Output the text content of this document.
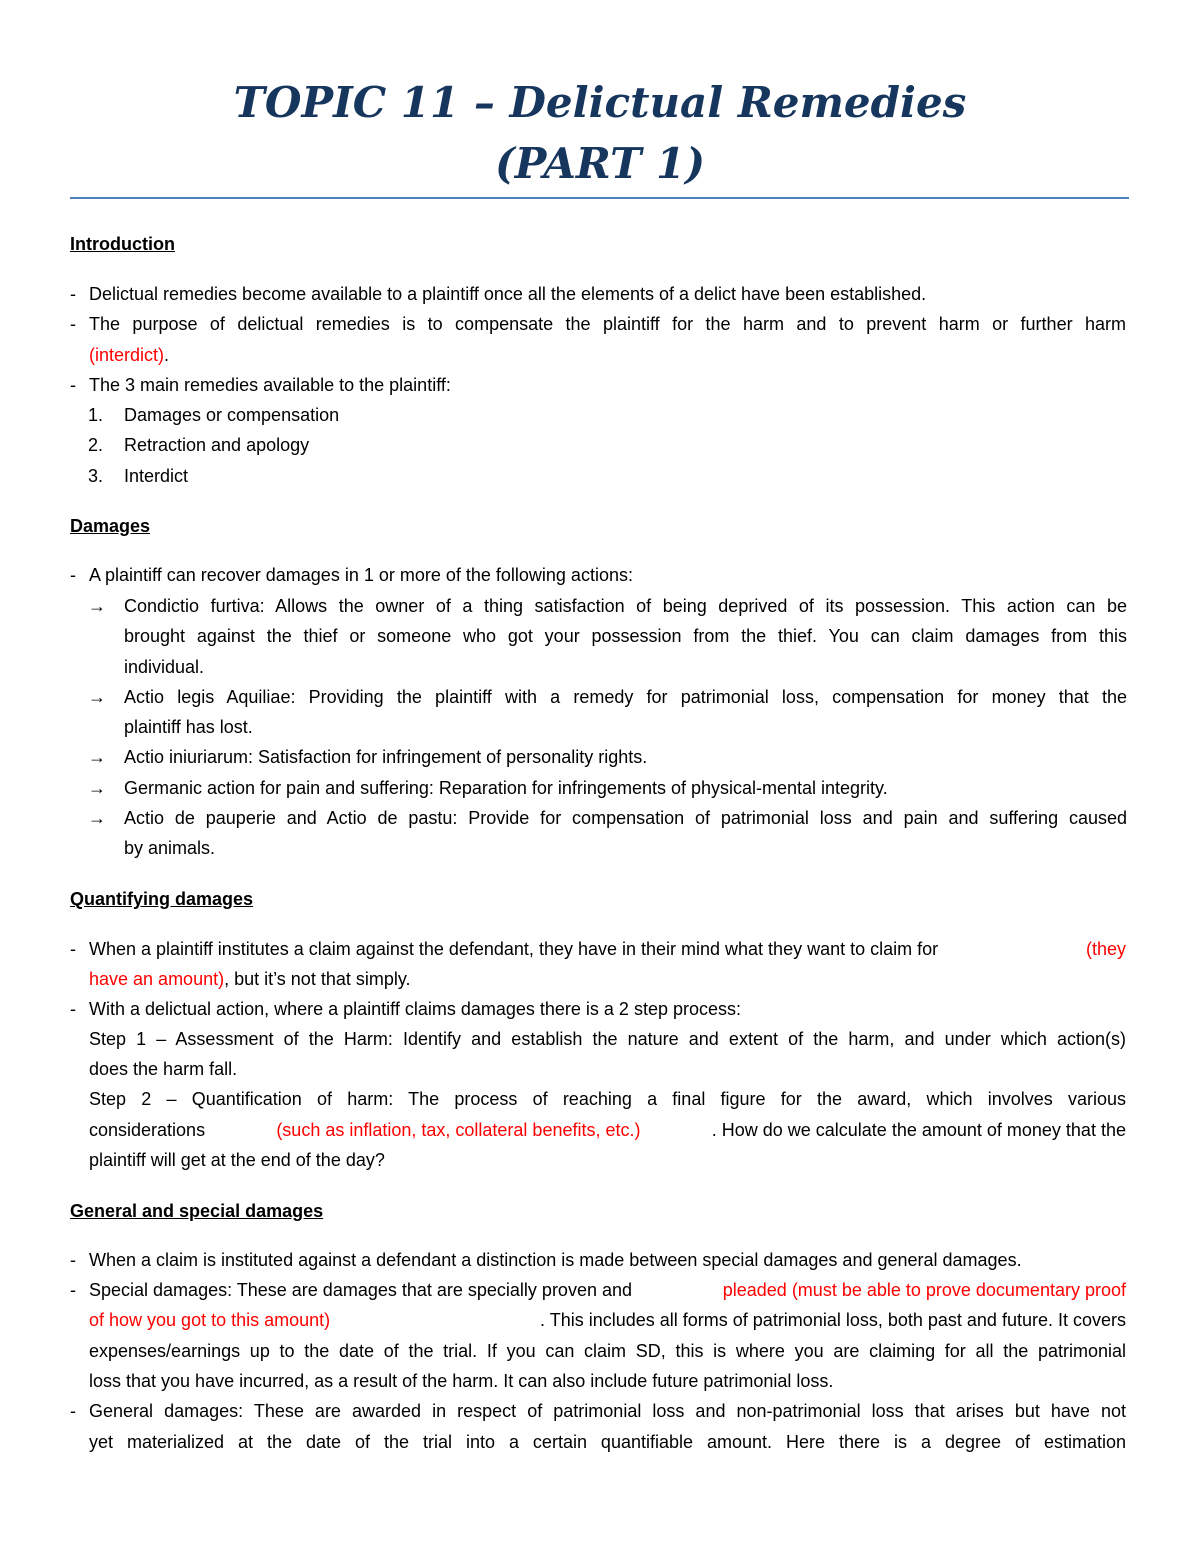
TOPIC 11 – Delictual Remedies
(PART 1)
Introduction
- Delictual remedies become available to a plaintiff once all the elements of a delict have been established.
- The purpose of delictual remedies is to compensate the plaintiff for the harm and to prevent harm or further harm
(interdict).
- The 3 main remedies available to the plaintiff:
1. Damages or compensation
2. Retraction and apology
3. Interdict
Damages
- A plaintiff can recover damages in 1 or more of the following actions:
→ Condictio furtiva: Allows the owner of a thing satisfaction of being deprived of its possession. This action can be
brought against the thief or someone who got your possession from the thief. You can claim damages from this
individual.
→ Actio legis Aquiliae: Providing the plaintiff with a remedy for patrimonial loss, compensation for money that the
plaintiff has lost.
→ Actio iniuriarum: Satisfaction for infringement of personality rights.
→ Germanic action for pain and suffering: Reparation for infringements of physical-mental integrity.
→ Actio de pauperie and Actio de pastu: Provide for compensation of patrimonial loss and pain and suffering caused
by animals.
Quantifying damages
- When a plaintiff institutes a claim against the defendant, they have in their mind what they want to claim for	(they
have an amount), but it’s not that simply.
- With a delictual action, where a plaintiff claims damages there is a 2 step process:
Step 1 – Assessment of the Harm: Identify and establish the nature and extent of the harm, and under which action(s)
does the harm fall.
Step 2 – Quantification of harm: The process of reaching a final figure for the award, which involves various
considerations	(such as inflation, tax, collateral benefits, etc.)	. How do we calculate the amount of money that the
plaintiff will get at the end of the day?
General and special damages
- When a claim is instituted against a defendant a distinction is made between special damages and general damages.
- Special damages: These are damages that are specially proven and	pleaded (must be able to prove documentary proof
of how you got to this amount)	. This includes all forms of patrimonial loss, both past and future. It covers
expenses/earnings up to the date of the trial. If you can claim SD, this is where you are claiming for all the patrimonial
loss that you have incurred, as a result of the harm. It can also include future patrimonial loss.
- General damages: These are awarded in respect of patrimonial loss and non-patrimonial loss that arises but have not
yet materialized at the date of the trial into a certain quantifiable amount. Here there is a degree of estimation
